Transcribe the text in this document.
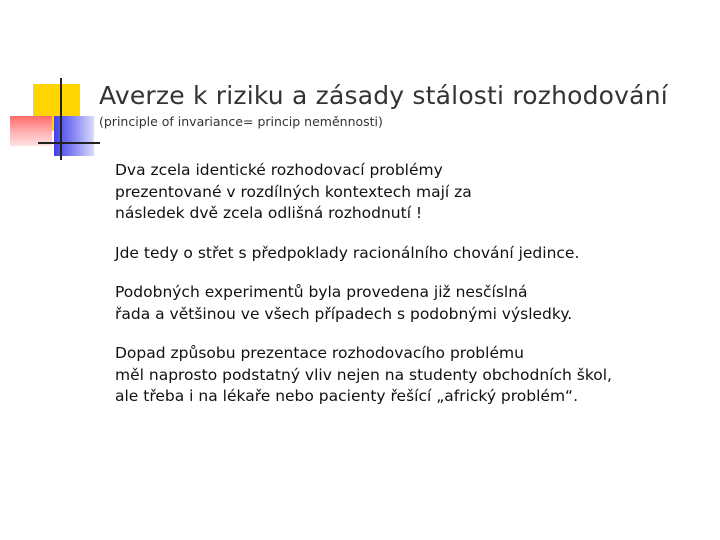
Averze k riziku a zásady stálosti rozhodování
(principle of invariance= princip neměnnosti)
Dva zcela identické rozhodovací problémy
prezentované v rozdílných kontextech mají za
následek dvě zcela odlišná rozhodnutí !
Jde tedy o střet s předpoklady racionálního chování jedince.
Podobných experimentů byla provedena již nesčíslná
řada a většinou ve všech případech s podobnými výsledky.
Dopad způsobu prezentace rozhodovacího problému
měl naprosto podstatný vliv nejen na studenty obchodních škol,
ale třeba i na lékaře nebo pacienty řešící „africký problém“.
